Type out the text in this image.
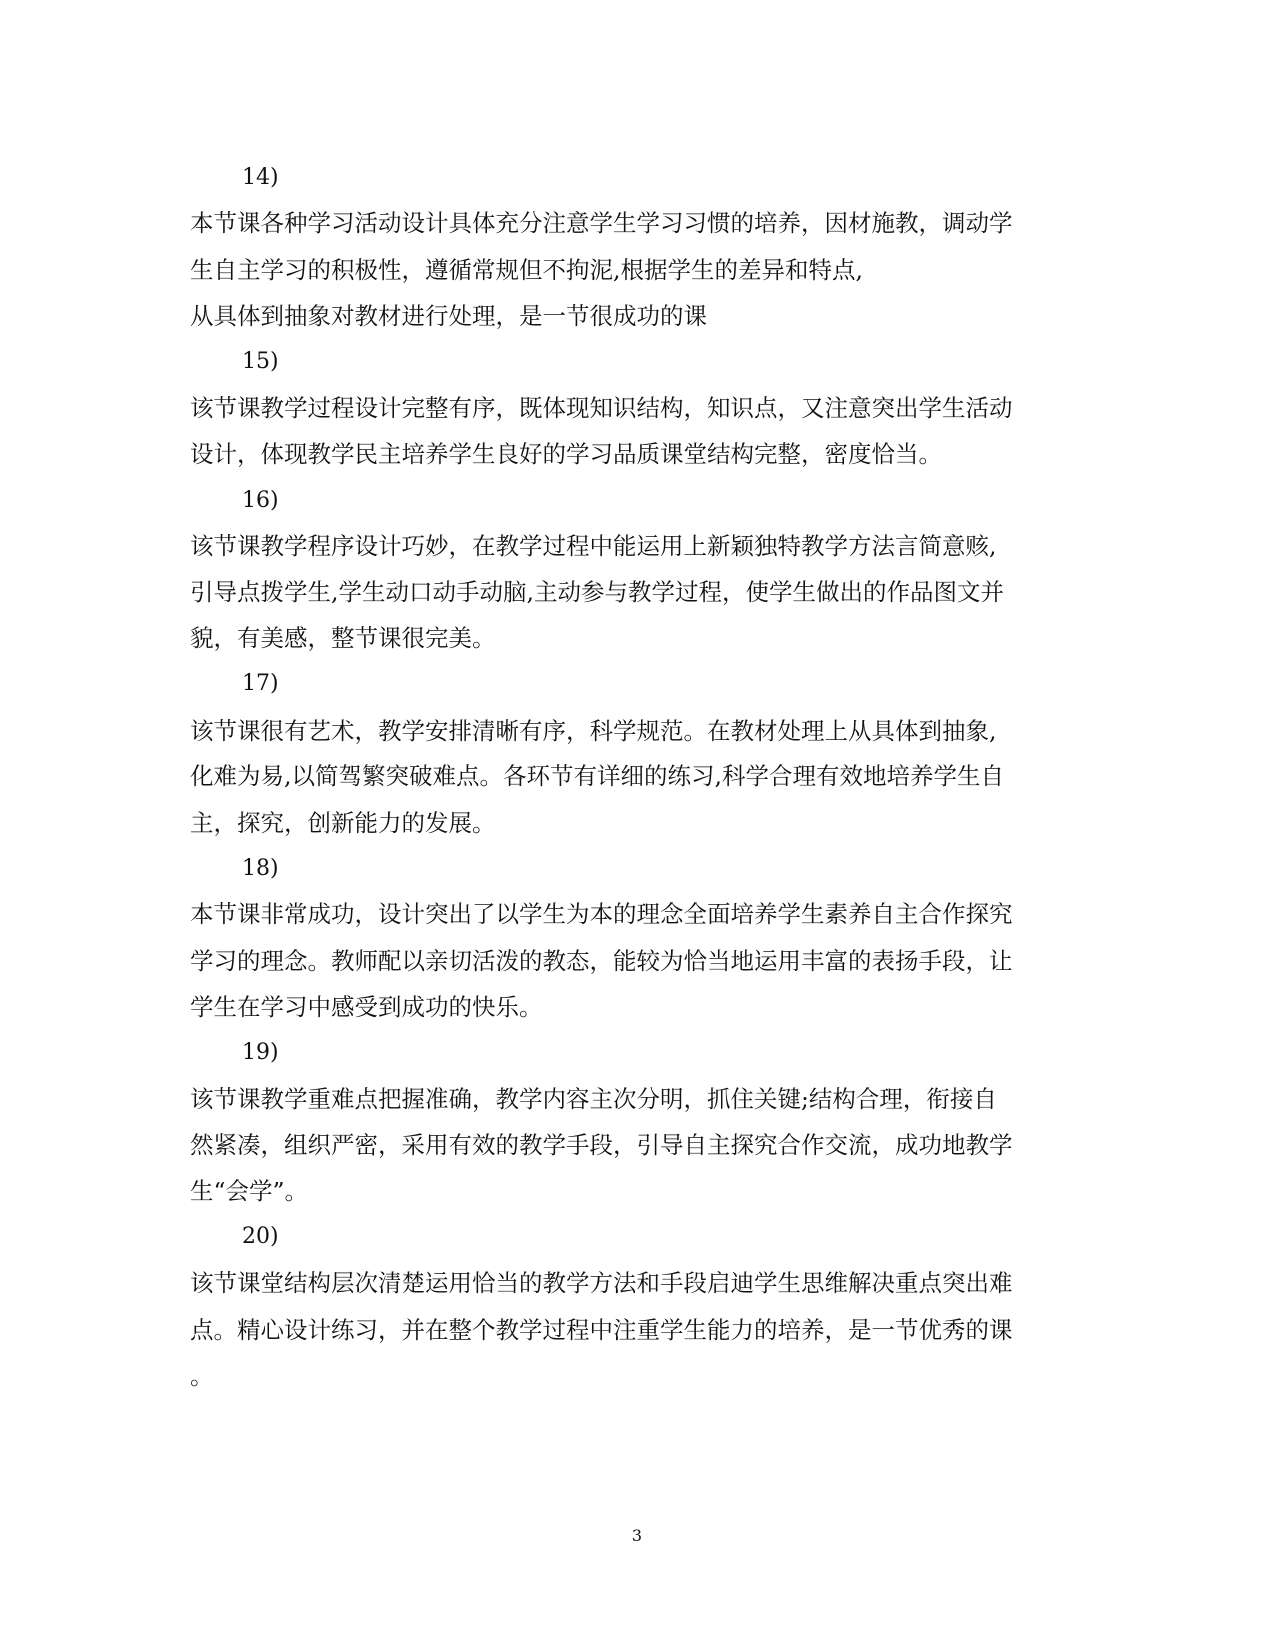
14)
本节课各种学习活动设计具体充分注意学生学习习惯的培养，因材施教，调动学
生自主学习的积极性，遵循常规但不拘泥,根据学生的差异和特点,
从具体到抽象对教材进行处理，是一节很成功的课
15)
该节课教学过程设计完整有序，既体现知识结构，知识点，又注意突出学生活动
设计，体现教学民主培养学生良好的学习品质课堂结构完整，密度恰当。
16)
该节课教学程序设计巧妙，在教学过程中能运用上新颖独特教学方法言简意赅,
引导点拨学生,学生动口动手动脑,主动参与教学过程，使学生做出的作品图文并
貌，有美感，整节课很完美。
17)
该节课很有艺术，教学安排清晰有序，科学规范。在教材处理上从具体到抽象,
化难为易,以简驾繁突破难点。各环节有详细的练习,科学合理有效地培养学生自
主，探究，创新能力的发展。
18)
本节课非常成功，设计突出了以学生为本的理念全面培养学生素养自主合作探究
学习的理念。教师配以亲切活泼的教态，能较为恰当地运用丰富的表扬手段，让
学生在学习中感受到成功的快乐。
19)
该节课教学重难点把握准确，教学内容主次分明，抓住关键;结构合理，衔接自
然紧凑，组织严密，采用有效的教学手段，引导自主探究合作交流，成功地教学
生“会学”。
20)
该节课堂结构层次清楚运用恰当的教学方法和手段启迪学生思维解决重点突出难
点。精心设计练习，并在整个教学过程中注重学生能力的培养，是一节优秀的课
。
3
